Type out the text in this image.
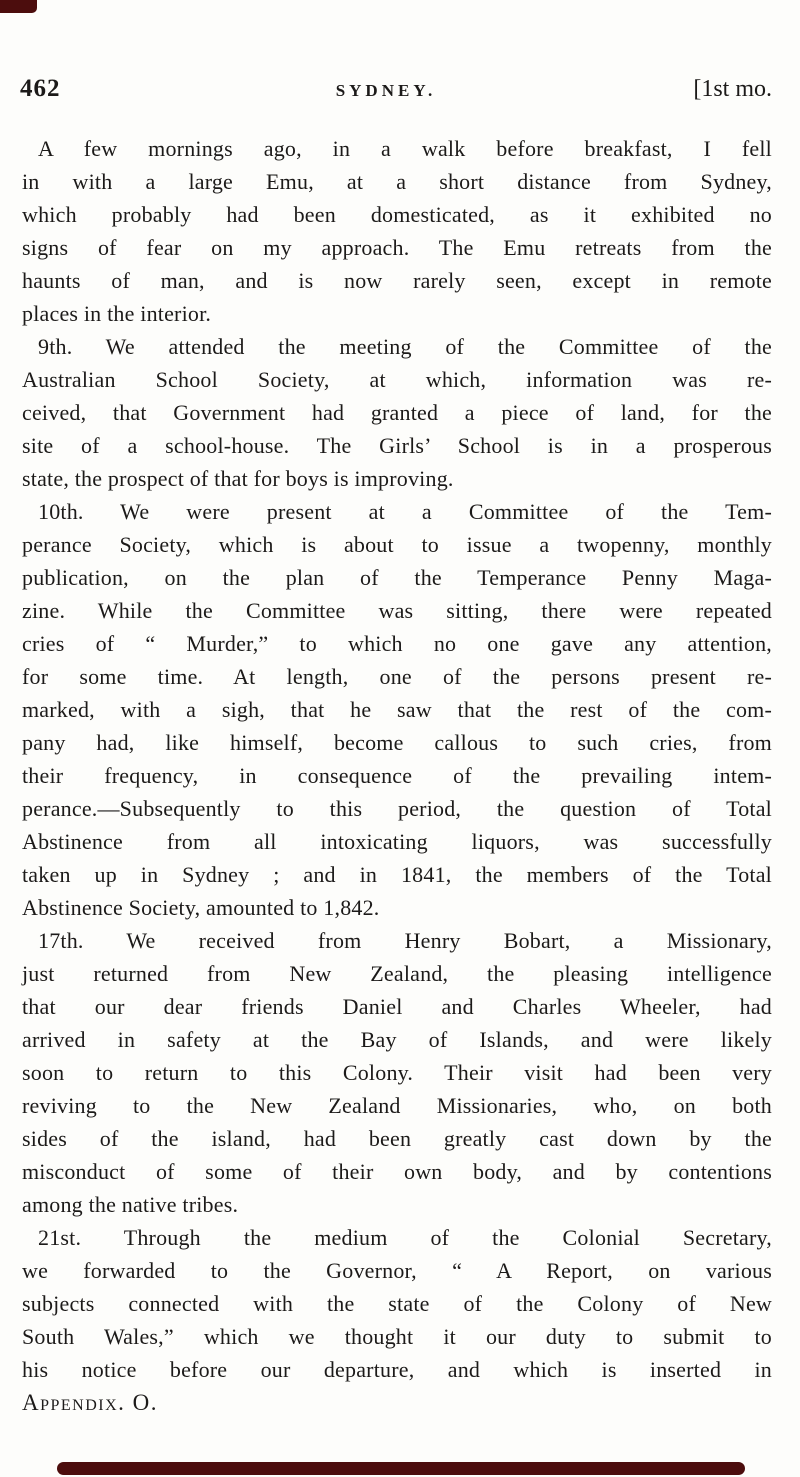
462	SYDNEY.	[1st mo.
A few mornings ago, in a walk before breakfast, I fell
in with a large Emu, at a short distance from Sydney,
which probably had been domesticated, as it exhibited no
signs of fear on my approach. The Emu retreats from the
haunts of man, and is now rarely seen, except in remote
places in the interior.
9th. We attended the meeting of the Committee of the
Australian School Society, at which, information was re-
ceived, that Government had granted a piece of land, for the
site of a school-house. The Girls’ School is in a prosperous
state, the prospect of that for boys is improving.
10th. We were present at a Committee of the Tem-
perance Society, which is about to issue a twopenny, monthly
publication, on the plan of the Temperance Penny Maga-
zine. While the Committee was sitting, there were repeated
cries of “ Murder,” to which no one gave any attention,
for some time. At length, one of the persons present re-
marked, with a sigh, that he saw that the rest of the com-
pany had, like himself, become callous to such cries, from
their frequency, in consequence of the prevailing intem-
perance.—Subsequently to this period, the question of Total
Abstinence from all intoxicating liquors, was successfully
taken up in Sydney ; and in 1841, the members of the Total
Abstinence Society, amounted to 1,842.
17th. We received from Henry Bobart, a Missionary,
just returned from New Zealand, the pleasing intelligence
that our dear friends Daniel and Charles Wheeler, had
arrived in safety at the Bay of Islands, and were likely
soon to return to this Colony. Their visit had been very
reviving to the New Zealand Missionaries, who, on both
sides of the island, had been greatly cast down by the
misconduct of some of their own body, and by contentions
among the native tribes.
21st. Through the medium of the Colonial Secretary,
we forwarded to the Governor, “ A Report, on various
subjects connected with the state of the Colony of New
South Wales,” which we thought it our duty to submit to
his notice before our departure, and which is inserted in
Appendix. O.
